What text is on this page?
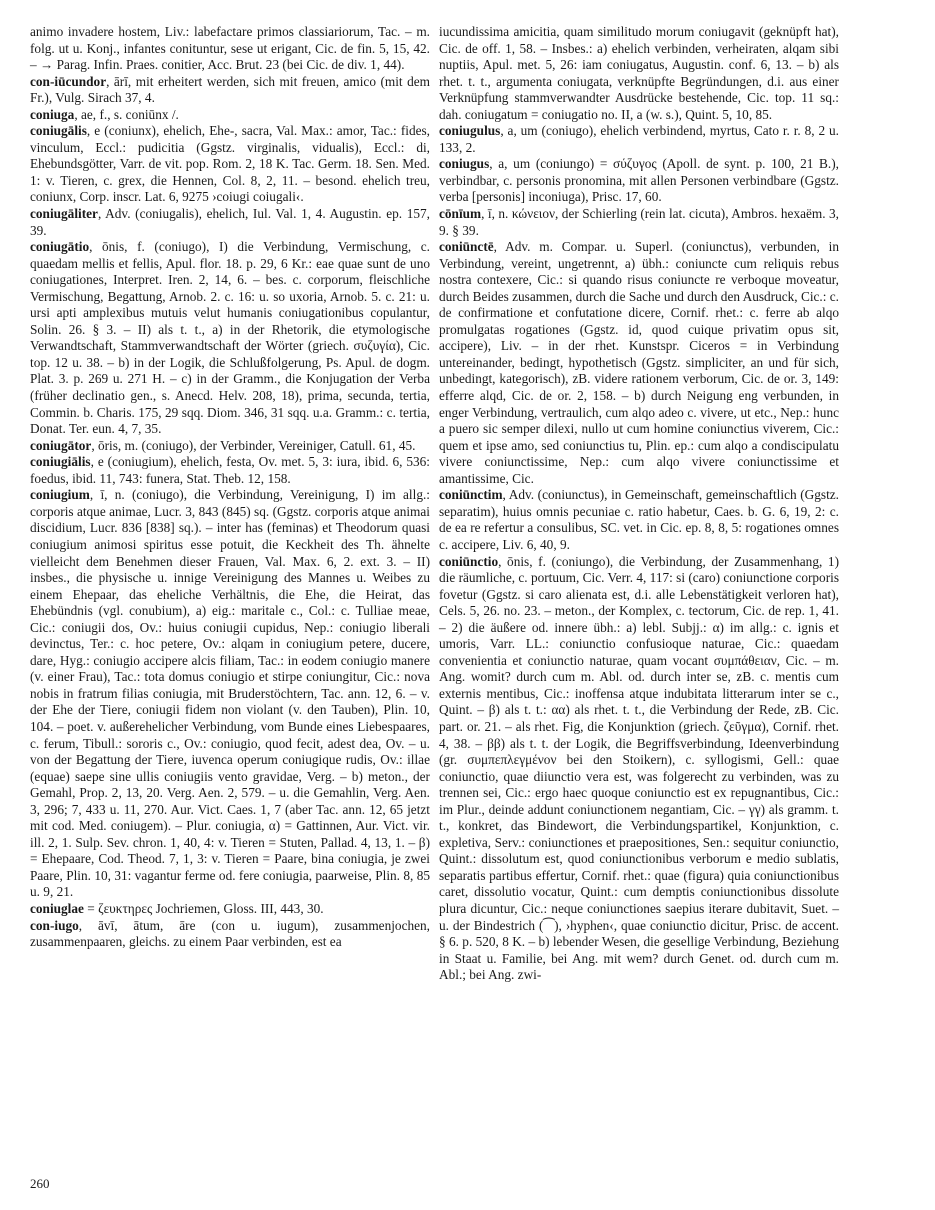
animo invadere hostem, Liv.: labefactare primos classiariorum, Tac. – m. folg. ut u. Konj., infantes conituntur, sese ut erigant, Cic. de fin. 5, 15, 42. – → Parag. Infin. Praes. conitier, Acc. Brut. 23 (bei Cic. de div. 1, 44).

con-iūcundor, ārī, mit erheitert werden, sich mit freuen, amico (mit dem Fr.), Vulg. Sirach 37, 4.

coniuga, ae, f., s. coniūnx /.

coniugālis, e (coniunx), ehelich, Ehe-, sacra, Val. Max.: amor, Tac.: fides, vinculum, Eccl.: pudicitia (Ggstz. virginalis, vidualis), Eccl.: di, Ehebundsgötter, Varr. de vit. pop. Rom. 2, 18 K. Tac. Germ. 18. Sen. Med. 1: v. Tieren, c. grex, die Hennen, Col. 8, 2, 11. – besond. ehelich treu, coniunx, Corp. inscr. Lat. 6, 9275 ›coiugi coiugali‹.

coniugāliter, Adv. (coniugalis), ehelich, Iul. Val. 1, 4. Augustin. ep. 157, 39.

coniugātio, ōnis, f. (coniugo), I) die Verbindung, Vermischung, c. quaedam mellis et fellis, Apul. flor. 18. p. 29, 6 Kr.: eae quae sunt de uno coniugationes, Interpret. Iren. 2, 14, 6. – bes. c. corporum, fleischliche Vermischung, Begattung, Arnob. 2. c. 16: u. so uxoria, Arnob. 5. c. 21: u. ursi apti amplexibus mutuis velut humanis coniugationibus copulantur, Solin. 26. § 3. – II) als t. t., a) in der Rhetorik, die etymologische Verwandtschaft, Stammverwandtschaft der Wörter (griech. συζυγία), Cic. top. 12 u. 38. – b) in der Logik, die Schlußfolgerung, Ps. Apul. de dogm. Plat. 3. p. 269 u. 271 H. – c) in der Gramm., die Konjugation der Verba (früher declinatio gen., s. Anecd. Helv. 208, 18), prima, secunda, tertia, Commin. b. Charis. 175, 29 sqq. Diom. 346, 31 sqq. u.a. Gramm.: c. tertia, Donat. Ter. eun. 4, 7, 35.

coniugātor, ōris, m. (coniugo), der Verbinder, Vereiniger, Catull. 61, 45.

coniugiālis, e (coniugium), ehelich, festa, Ov. met. 5, 3: iura, ibid. 6, 536: foedus, ibid. 11, 743: funera, Stat. Theb. 12, 158.

coniugium, ī, n. (coniugo), die Verbindung, Vereinigung, I) im allg.: corporis atque animae, Lucr. 3, 843 (845) sq. (Ggstz. corporis atque animai discidium, Lucr. 836 [838] sq.). – inter has (feminas) et Theodorum quasi coniugium animosi spiritus esse potuit, die Keckheit des Th. ähnelte vielleicht dem Benehmen dieser Frauen, Val. Max. 6, 2. ext. 3. – II) insbes., die physische u. innige Vereinigung des Mannes u. Weibes zu einem Ehepaar, das eheliche Verhältnis, die Ehe, die Heirat, das Ehebündnis (vgl. conubium), a) eig.: maritale c., Col.: c. Tulliae meae, Cic.: coniugii dos, Ov.: huius coniugii cupidus, Nep.: coniugio liberali devinctus, Ter.: c. hoc petere, Ov.: alqam in coniugium petere, ducere, dare, Hyg.: coniugio accipere alcis filiam, Tac.: in eodem coniugio manere (v. einer Frau), Tac.: tota domus coniugio et stirpe coniungitur, Cic.: nova nobis in fratrum filias coniugia, mit Bruderstöchtern, Tac. ann. 12, 6. – v. der Ehe der Tiere, coniugii fidem non violant (v. den Tauben), Plin. 10, 104. – poet. v. außerehelicher Verbindung, vom Bunde eines Liebespaares, c. ferum, Tibull.: sororis c., Ov.: coniugio, quod fecit, adest dea, Ov. – u. von der Begattung der Tiere, iuvenca operum coniugique rudis, Ov.: illae (equae) saepe sine ullis coniugiis vento gravidae, Verg. – b) meton., der Gemahl, Prop. 2, 13, 20. Verg. Aen. 2, 579. – u. die Gemahlin, Verg. Aen. 3, 296; 7, 433 u. 11, 270. Aur. Vict. Caes. 1, 7 (aber Tac. ann. 12, 65 jetzt mit cod. Med. coniugem). – Plur. coniugia, α) = Gattinnen, Aur. Vict. vir. ill. 2, 1. Sulp. Sev. chron. 1, 40, 4: v. Tieren = Stuten, Pallad. 4, 13, 1. – β) = Ehepaare, Cod. Theod. 7, 1, 3: v. Tieren = Paare, bina coniugia, je zwei Paare, Plin. 10, 31: vagantur ferme od. fere coniugia, paarweise, Plin. 8, 85 u. 9, 21.

coniuglae = ζευκτηρες Jochriemen, Gloss. III, 443, 30.

con-iugo, āvī, ātum, āre (con u. iugum), zusammenjochen, zusammenpaaren, gleichs. zu einem Paar verbinden, est ea

iucundissima amicitia, quam similitudo morum coniugavit (geknüpft hat), Cic. de off. 1, 58. – Insbes.: a) ehelich verbinden, verheiraten, alqam sibi nuptiis, Apul. met. 5, 26: iam coniugatus, Augustin. conf. 6, 13. – b) als rhet. t. t., argumenta coniugata, verknüpfte Begründungen, d.i. aus einer Verknüpfung stammverwandter Ausdrücke bestehende, Cic. top. 11 sq.: dah. coniugatum = coniugatio no. II, a (w. s.), Quint. 5, 10, 85.

coniugulus, a, um (coniugo), ehelich verbindend, myrtus, Cato r. r. 8, 2 u. 133, 2.

coniugus, a, um (coniungo) = σύζυγος (Apoll. de synt. p. 100, 21 B.), verbindbar, c. personis pronomina, mit allen Personen verbindbare (Ggstz. verba [personis] inconiuga), Prisc. 17, 60.

cōnīum, ī, n. κώνειον, der Schierling (rein lat. cicuta), Ambros. hexaëm. 3, 9. § 39.

coniūnctē, Adv. m. Compar. u. Superl. (coniunctus), verbunden, in Verbindung, vereint, ungetrennt, a) übh.: coniuncte cum reliquis rebus nostra contexere, Cic.: si quando risus coniuncte re verboque moveatur, durch Beides zusammen, durch die Sache und durch den Ausdruck, Cic.: c. de confirmatione et confutatione dicere, Cornif. rhet.: c. ferre ab alqo promulgatas rogationes (Ggstz. id, quod cuique privatim opus sit, accipere), Liv. – in der rhet. Kunstspr. Ciceros = in Verbindung untereinander, bedingt, hypothetisch (Ggstz. simpliciter, an und für sich, unbedingt, kategorisch), zB. videre rationem verborum, Cic. de or. 3, 149: efferre alqd, Cic. de or. 2, 158. – b) durch Neigung eng verbunden, in enger Verbindung, vertraulich, cum alqo adeo c. vivere, ut etc., Nep.: hunc a puero sic semper dilexi, nullo ut cum homine coniunctius viverem, Cic.: quem et ipse amo, sed coniunctius tu, Plin. ep.: cum alqo a condiscipulatu vivere coniunctissime, Nep.: cum alqo vivere coniunctissime et amantissime, Cic.

coniūnctim, Adv. (coniunctus), in Gemeinschaft, gemeinschaftlich (Ggstz. separatim), huius omnis pecuniae c. ratio habetur, Caes. b. G. 6, 19, 2: c. de ea re refertur a consulibus, SC. vet. in Cic. ep. 8, 8, 5: rogationes omnes c. accipere, Liv. 6, 40, 9.

coniūnctio, ōnis, f. (coniungo), die Verbindung, der Zusammenhang, 1) die räumliche, c. portuum, Cic. Verr. 4, 117: si (caro) coniunctione corporis fovetur (Ggstz. si caro alienata est, d.i. alle Lebenstätigkeit verloren hat), Cels. 5, 26. no. 23. – meton., der Komplex, c. tectorum, Cic. de rep. 1, 41. – 2) die äußere od. innere übh.: a) lebl. Subjj.: α) im allg.: c. ignis et umoris, Varr. LL.: coniunctio confusioque naturae, Cic.: quaedam convenientia et coniunctio naturae, quam vocant συμπάθειαν, Cic. – m. Ang. womit? durch cum m. Abl. od. durch inter se, zB. c. mentis cum externis mentibus, Cic.: inoffensa atque indubitata litterarum inter se c., Quint. – β) als t. t.: αα) als rhet. t. t., die Verbindung der Rede, zB. Cic. part. or. 21. – als rhet. Fig, die Konjunktion (griech. ζεῦγμα), Cornif. rhet. 4, 38. – ββ) als t. t. der Logik, die Begriffsverbindung, Ideenverbindung (gr. συμπεπλεγμένον bei den Stoikern), c. syllogismi, Gell.: quae coniunctio, quae diiunctio vera est, was folgerecht zu verbinden, was zu trennen sei, Cic.: ergo haec quoque coniunctio est ex repugnantibus, Cic.: im Plur., deinde addunt coniunctionem negantiam, Cic. – γγ) als gramm. t. t., konkret, das Bindewort, die Verbindungspartikel, Konjunktion, c. expletiva, Serv.: coniunctiones et praepositiones, Sen.: sequitur coniunctio, Quint.: dissolutum est, quod coniunctionibus verborum e medio sublatis, separatis partibus effertur, Cornif. rhet.: quae (figura) quia coniunctionibus caret, dissolutio vocatur, Quint.: cum demptis coniunctionibus dissolute plura dicuntur, Cic.: neque coniunctiones saepius iterare dubitavit, Suet. – u. der Bindestrich (⁀), ›hyphen‹, quae coniunctio dicitur, Prisc. de accent. § 6. p. 520, 8 K. – b) lebender Wesen, die gesellige Verbindung, Beziehung in Staat u. Familie, bei Ang. mit wem? durch Genet. od. durch cum m. Abl.; bei Ang. zwi-

260
